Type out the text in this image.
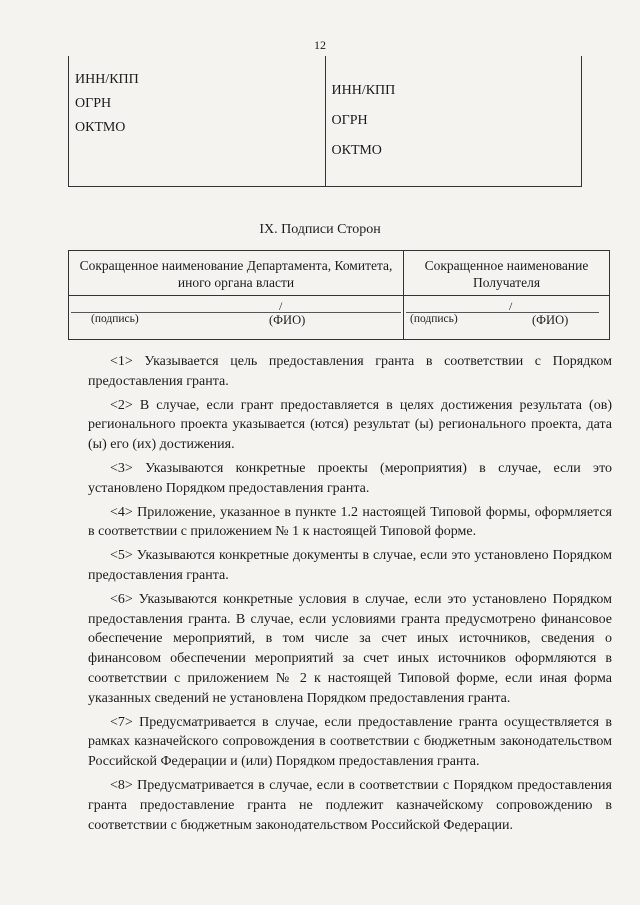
12
ИНН/КПП
ОГРН
ОКТМО
ИНН/КПП
ОГРН
ОКТМО
IX. Подписи Сторон
Сокращенное наименование Департамента, Комитета, иного органа власти
/
(подпись)	(ФИО)
Сокращенное наименование Получателя
/
(подпись)	(ФИО)

<1> Указывается цель предоставления гранта в соответствии с Порядком предоставления гранта.

<2> В случае, если грант предоставляется в целях достижения результата (ов) регионального проекта указывается (ются) результат (ы) регионального проекта, дата (ы) его (их) достижения.

<3> Указываются конкретные проекты (мероприятия) в случае, если это установлено Порядком предоставления гранта.

<4> Приложение, указанное в пункте 1.2 настоящей Типовой формы, оформляется в соответствии с приложением № 1 к настоящей Типовой форме.

<5> Указываются конкретные документы в случае, если это установлено Порядком предоставления гранта.

<6> Указываются конкретные условия в случае, если это установлено Порядком предоставления гранта. В случае, если условиями гранта предусмотрено финансовое обеспечение мероприятий, в том числе за счет иных источников, сведения о финансовом обеспечении мероприятий за счет иных источников оформляются в соответствии с приложением № 2 к настоящей Типовой форме, если иная форма указанных сведений не установлена Порядком предоставления гранта.

<7> Предусматривается в случае, если предоставление гранта осуществляется в рамках казначейского сопровождения в соответствии с бюджетным законодательством Российской Федерации и (или) Порядком предоставления гранта.

<8> Предусматривается в случае, если в соответствии с Порядком предоставления гранта предоставление гранта не подлежит казначейскому сопровождению в соответствии с бюджетным законодательством Российской Федерации.
